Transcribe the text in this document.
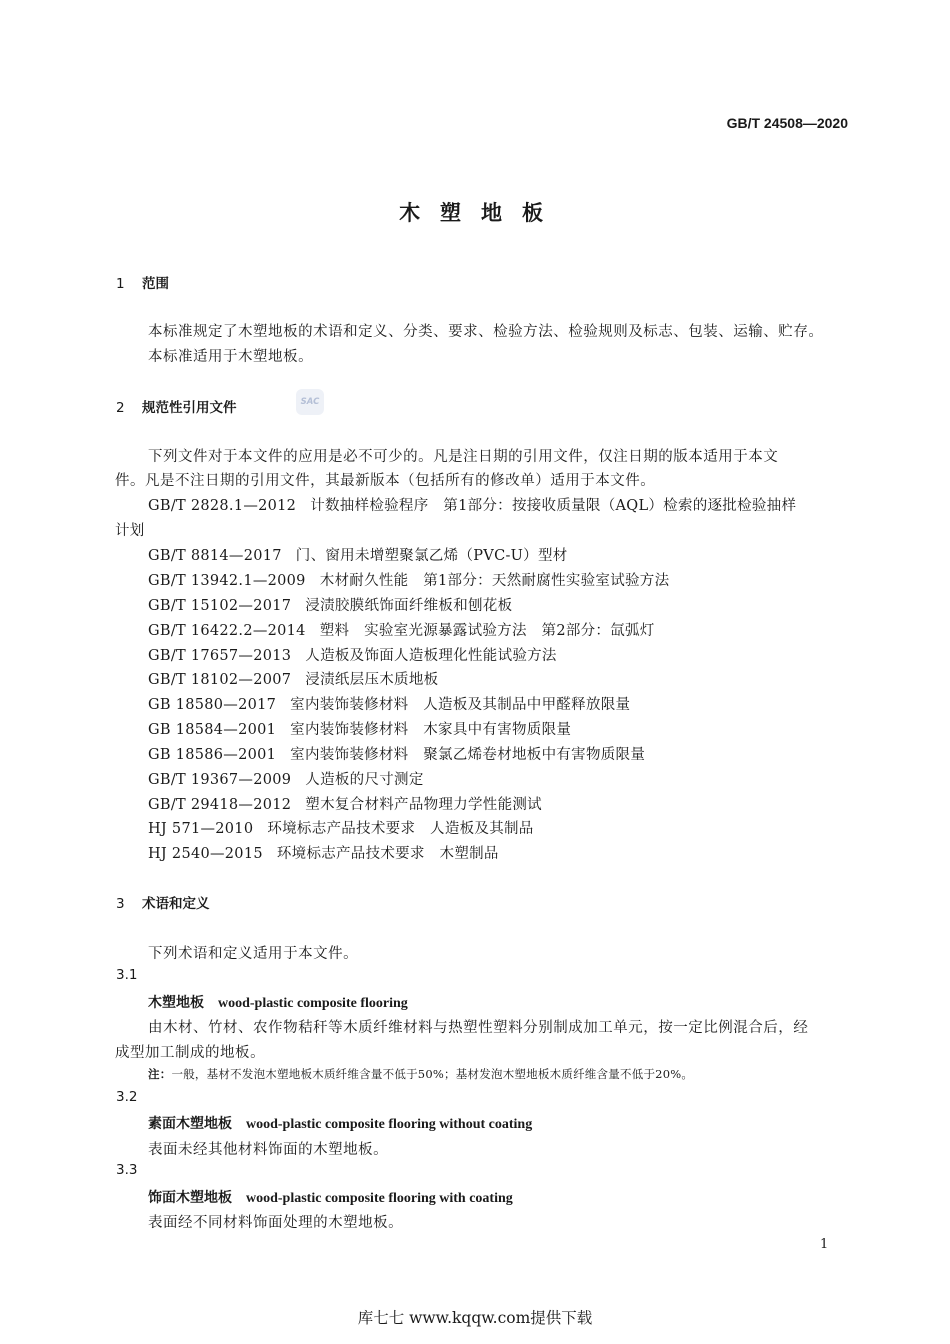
GB/T 24508—2020
木塑地板
1 范围
本标准规定了木塑地板的术语和定义、分类、要求、检验方法、检验规则及标志、包装、运输、贮存。
本标准适用于木塑地板。
2 规范性引用文件	SAC
下列文件对于本文件的应用是必不可少的。凡是注日期的引用文件，仅注日期的版本适用于本文
件。凡是不注日期的引用文件，其最新版本（包括所有的修改单）适用于本文件。
GB/T 2828.1—2012 计数抽样检验程序　第1部分：按接收质量限（AQL）检索的逐批检验抽样
计划
GB/T 8814—2017 门、窗用未增塑聚氯乙烯（PVC-U）型材
GB/T 13942.1—2009 木材耐久性能　第1部分：天然耐腐性实验室试验方法
GB/T 15102—2017 浸渍胶膜纸饰面纤维板和刨花板
GB/T 16422.2—2014 塑料　实验室光源暴露试验方法　第2部分：氙弧灯
GB/T 17657—2013 人造板及饰面人造板理化性能试验方法
GB/T 18102—2007 浸渍纸层压木质地板
GB 18580—2017 室内装饰装修材料　人造板及其制品中甲醛释放限量
GB 18584—2001 室内装饰装修材料　木家具中有害物质限量
GB 18586—2001 室内装饰装修材料　聚氯乙烯卷材地板中有害物质限量
GB/T 19367—2009 人造板的尺寸测定
GB/T 29418—2012 塑木复合材料产品物理力学性能测试
HJ 571—2010 环境标志产品技术要求　人造板及其制品
HJ 2540—2015 环境标志产品技术要求　木塑制品
3 术语和定义
下列术语和定义适用于本文件。
3.1
木塑地板 wood-plastic composite flooring
由木材、竹材、农作物秸秆等木质纤维材料与热塑性塑料分别制成加工单元，按一定比例混合后，经
成型加工制成的地板。
注：一般，基材不发泡木塑地板木质纤维含量不低于50%；基材发泡木塑地板木质纤维含量不低于20%。
3.2
素面木塑地板 wood-plastic composite flooring without coating
表面未经其他材料饰面的木塑地板。
3.3
饰面木塑地板 wood-plastic composite flooring with coating
表面经不同材料饰面处理的木塑地板。
1
库七七 www.kqqw.com提供下载
